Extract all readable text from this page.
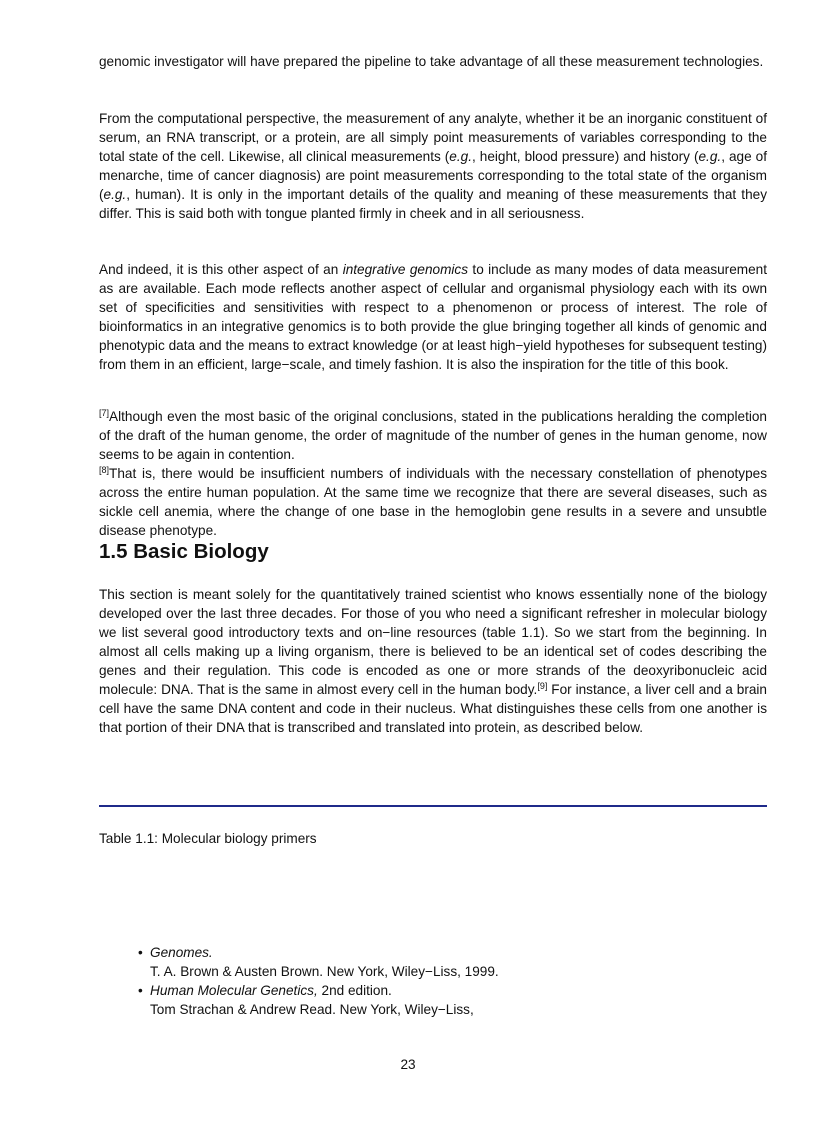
genomic investigator will have prepared the pipeline to take advantage of all these measurement technologies.

From the computational perspective, the measurement of any analyte, whether it be an inorganic constituent of serum, an RNA transcript, or a protein, are all simply point measurements of variables corresponding to the total state of the cell. Likewise, all clinical measurements (e.g., height, blood pressure) and history (e.g., age of menarche, time of cancer diagnosis) are point measurements corresponding to the total state of the organism (e.g., human). It is only in the important details of the quality and meaning of these measurements that they differ. This is said both with tongue planted firmly in cheek and in all seriousness.

And indeed, it is this other aspect of an integrative genomics to include as many modes of data measurement as are available. Each mode reflects another aspect of cellular and organismal physiology each with its own set of specificities and sensitivities with respect to a phenomenon or process of interest. The role of bioinformatics in an integrative genomics is to both provide the glue bringing together all kinds of genomic and phenotypic data and the means to extract knowledge (or at least high−yield hypotheses for subsequent testing) from them in an efficient, large−scale, and timely fashion. It is also the inspiration for the title of this book.

[7]Although even the most basic of the original conclusions, stated in the publications heralding the completion of the draft of the human genome, the order of magnitude of the number of genes in the human genome, now seems to be again in contention.
[8]That is, there would be insufficient numbers of individuals with the necessary constellation of phenotypes across the entire human population. At the same time we recognize that there are several diseases, such as sickle cell anemia, where the change of one base in the hemoglobin gene results in a severe and unsubtle disease phenotype.
1.5 Basic Biology

This section is meant solely for the quantitatively trained scientist who knows essentially none of the biology developed over the last three decades. For those of you who need a significant refresher in molecular biology we list several good introductory texts and on−line resources (table 1.1). So we start from the beginning. In almost all cells making up a living organism, there is believed to be an identical set of codes describing the genes and their regulation. This code is encoded as one or more strands of the deoxyribonucleic acid molecule: DNA. That is the same in almost every cell in the human body.[9] For instance, a liver cell and a brain cell have the same DNA content and code in their nucleus. What distinguishes these cells from one another is that portion of their DNA that is transcribed and translated into protein, as described below.

Table 1.1: Molecular biology primers
• Genomes.
T. A. Brown & Austen Brown. New York, Wiley−Liss, 1999.
• Human Molecular Genetics, 2nd edition.
Tom Strachan & Andrew Read. New York, Wiley−Liss,
23
